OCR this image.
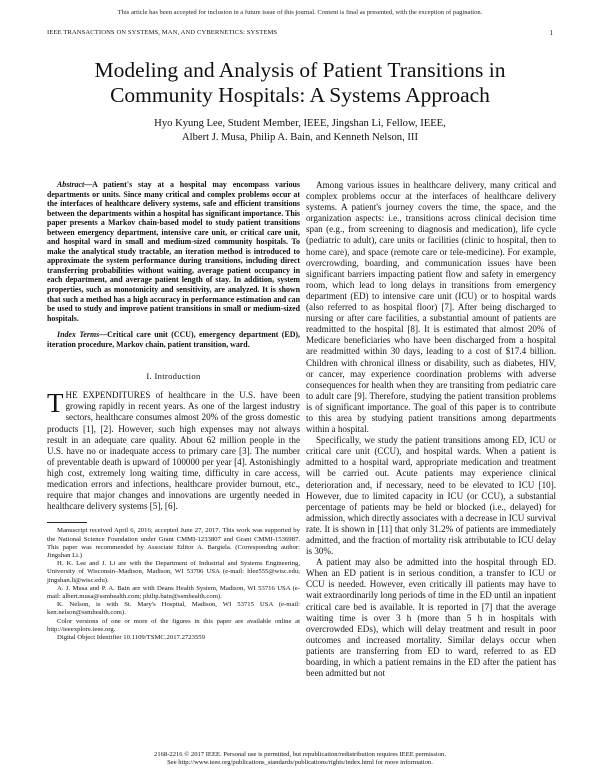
This article has been accepted for inclusion in a future issue of this journal. Content is final as presented, with the exception of pagination.
IEEE TRANSACTIONS ON SYSTEMS, MAN, AND CYBERNETICS: SYSTEMS	1
Modeling and Analysis of Patient Transitions in
Community Hospitals: A Systems Approach
Hyo Kyung Lee, Student Member, IEEE, Jingshan Li, Fellow, IEEE,
Albert J. Musa, Philip A. Bain, and Kenneth Nelson, III

Abstract—A patient's stay at a hospital may encompass various departments or units. Since many critical and complex problems occur at the interfaces of healthcare delivery systems, safe and efficient transitions between the departments within a hospital has significant importance. This paper presents a Markov chain-based model to study patient transitions between emergency department, intensive care unit, or critical care unit, and hospital ward in small and medium-sized community hospitals. To make the analytical study tractable, an iteration method is introduced to approximate the system performance during transitions, including direct transferring probabilities without waiting, average patient occupancy in each department, and average patient length of stay. In addition, system properties, such as monotonicity and sensitivity, are analyzed. It is shown that such a method has a high accuracy in performance estimation and can be used to study and improve patient transitions in small or medium-sized hospitals.

Index Terms—Critical care unit (CCU), emergency department (ED), iteration procedure, Markov chain, patient transition, ward.

I. Introduction

THE EXPENDITURES of healthcare in the U.S. have been growing rapidly in recent years. As one of the largest industry sectors, healthcare consumes almost 20% of the gross domestic products [1], [2]. However, such high expenses may not always result in an adequate care quality. About 62 million people in the U.S. have no or inadequate access to primary care [3]. The number of preventable death is upward of 100000 per year [4]. Astonishingly high cost, extremely long waiting time, difficulty in care access, medication errors and infections, healthcare provider burnout, etc., require that major changes and innovations are urgently needed in healthcare delivery systems [5], [6].

Manuscript received April 6, 2016; accepted June 27, 2017. This work was supported by the National Science Foundation under Grant CMMI-1233807 and Grant CMMI-1536987. This paper was recommended by Associate Editor A. Bargiela. (Corresponding author: Jingshan Li.)

H. K. Lee and J. Li are with the Department of Industrial and Systems Engineering, University of Wisconsin–Madison, Madison, WI 53706 USA (e-mail: hlee555@wisc.edu; jingshan.li@wisc.edu).

A. J. Musa and P. A. Bain are with Deans Health System, Madison, WI 53716 USA (e-mail: albert.musa@ssmhealth.com; philip.bain@ssmhealth.com).

K. Nelson, is with St. Mary's Hospital, Madison, WI 53715 USA (e-mail: ken.nelson@ssmhealth.com).

Color versions of one or more of the figures in this paper are available online at http://ieeexplore.ieee.org.

Digital Object Identifier 10.1109/TSMC.2017.2723559

Among various issues in healthcare delivery, many critical and complex problems occur at the interfaces of healthcare delivery systems. A patient's journey covers the time, the space, and the organization aspects: i.e., transitions across clinical decision time span (e.g., from screening to diagnosis and medication), life cycle (pediatric to adult), care units or facilities (clinic to hospital, then to home care), and space (remote care or tele-medicine). For example, overcrowding, boarding, and communication issues have been significant barriers impacting patient flow and safety in emergency room, which lead to long delays in transitions from emergency department (ED) to intensive care unit (ICU) or to hospital wards (also referred to as hospital floor) [7]. After being discharged to nursing or after care facilities, a substantial amount of patients are readmitted to the hospital [8]. It is estimated that almost 20% of Medicare beneficiaries who have been discharged from a hospital are readmitted within 30 days, leading to a cost of $17.4 billion. Children with chronical illness or disability, such as diabetes, HIV, or cancer, may experience coordination problems with adverse consequences for health when they are transiting from pediatric care to adult care [9]. Therefore, studying the patient transition problems is of significant importance. The goal of this paper is to contribute to this area by studying patient transitions among departments within a hospital.

Specifically, we study the patient transitions among ED, ICU or critical care unit (CCU), and hospital wards. When a patient is admitted to a hospital ward, appropriate medication and treatment will be carried out. Acute patients may experience clinical deterioration and, if necessary, need to be elevated to ICU [10]. However, due to limited capacity in ICU (or CCU), a substantial percentage of patients may be held or blocked (i.e., delayed) for admission, which directly associates with a decrease in ICU survival rate. It is shown in [11] that only 31.2% of patients are immediately admitted, and the fraction of mortality risk attributable to ICU delay is 30%.

A patient may also be admitted into the hospital through ED. When an ED patient is in serious condition, a transfer to ICU or CCU is needed. However, even critically ill patients may have to wait extraordinarily long periods of time in the ED until an inpatient critical care bed is available. It is reported in [7] that the average waiting time is over 3 h (more than 5 h in hospitals with overcrowded EDs), which will delay treatment and result in poor outcomes and increased mortality. Similar delays occur when patients are transferring from ED to ward, referred to as ED boarding, in which a patient remains in the ED after the patient has been admitted but not

2168-2216 © 2017 IEEE. Personal use is permitted, but republication/redistribution requires IEEE permission.
See http://www.ieee.org/publications_standards/publications/rights/index.html for more information.
